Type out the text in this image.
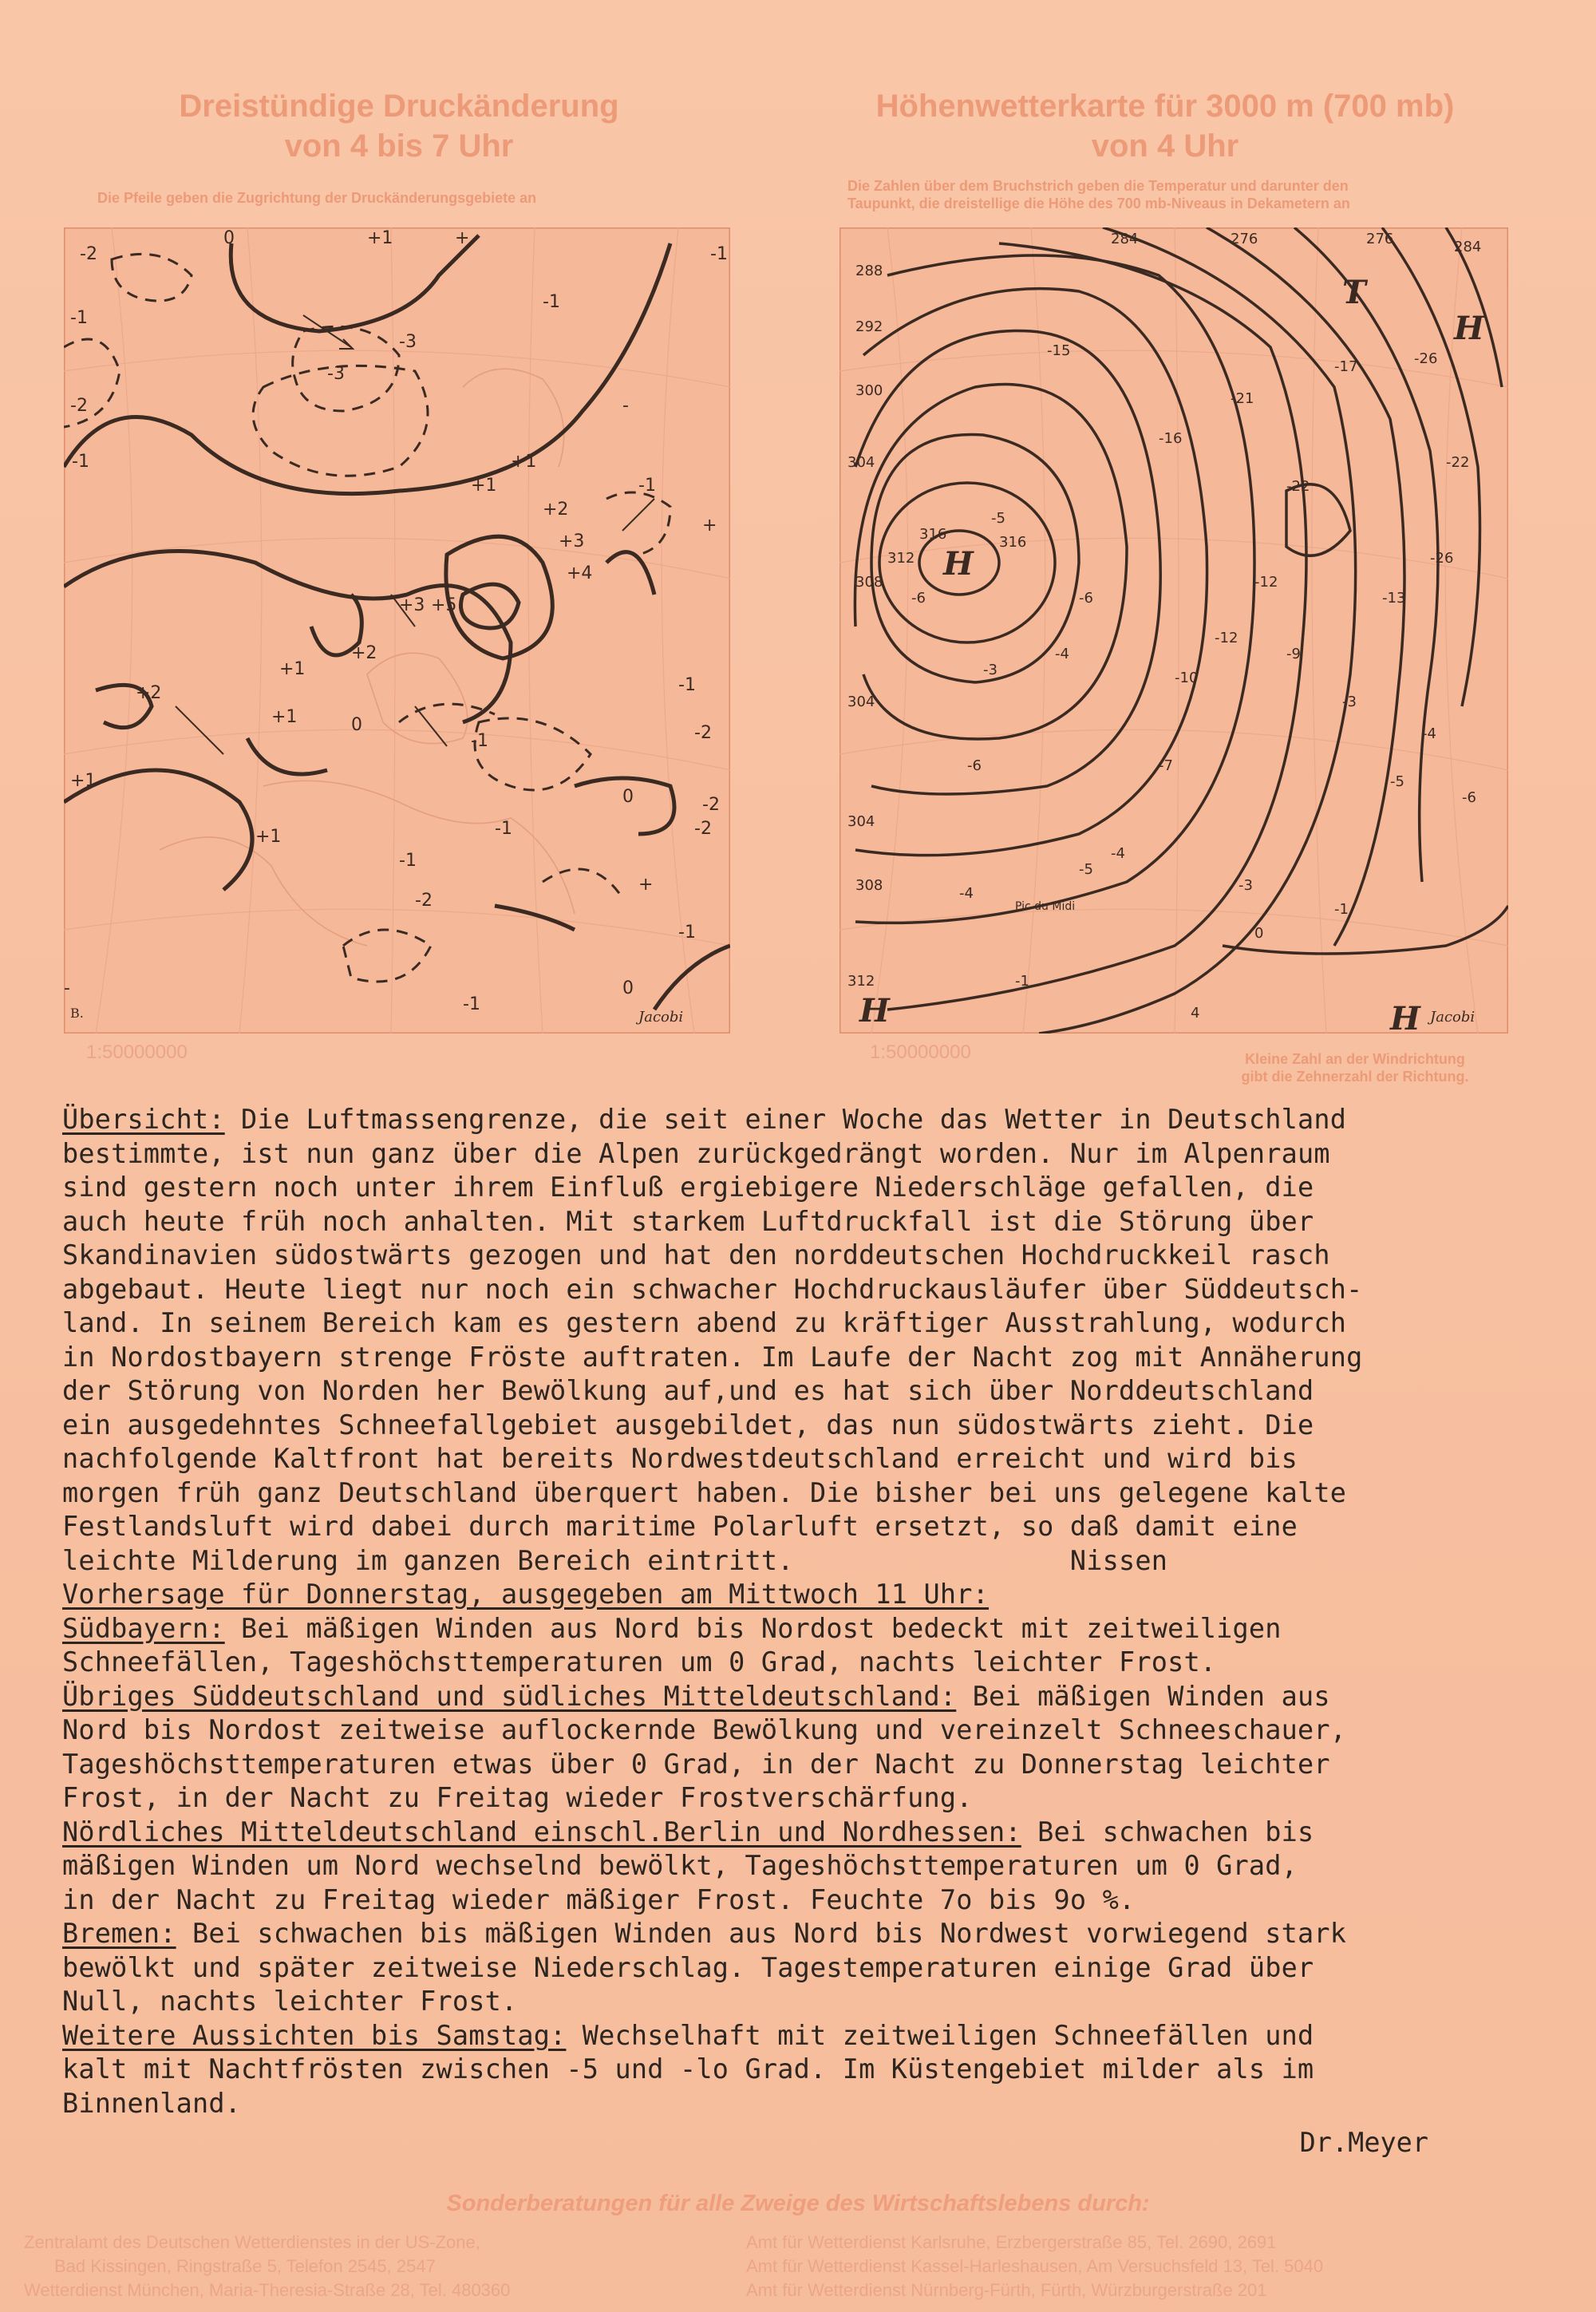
Dreistündige Druckänderung
von 4 bis 7 Uhr
Die Pfeile geben die Zugrichtung der Druckänderungsgebiete an
Höhenwetterkarte für 3000 m (700 mb)
von 4 Uhr
Die Zahlen über dem Bruchstrich geben die Temperatur und darunter den
Taupunkt, die dreistellige die Höhe des 700 mb-Niveaus in Dekametern an
-2
-1
-2
0	+1	+
-3
-3
-1
-1
-
-1
+1
+1
+2
+3
+4
+5
+3
+2
+1
+2
+1	0
-1
-1
-2
-1
0	-2
-2
+1
+1
-1
+
-2
-1
0
-1
+
-1
-
B.	Jacobi
1:50000000
H
T
H
H
H
316
312
308
304
304
308
312
288
292
300
304
284	276	276	284
-5
316
-6
-15
-16
-21
-22
-17	-26
-22
-26
-13
-12
-12
-10
-6
-4
-3
-6
-4
-5
-4	-3
0
-1
4
-1
-6
-5
-4
-3
-9
-7
Pic du Midi
Jacobi
1:50000000	Kleine Zahl an der Windrichtung
gibt die Zehnerzahl der Richtung.

Übersicht: Die Luftmassengrenze, die seit einer Woche das Wetter in Deutschland
bestimmte, ist nun ganz über die Alpen zurückgedrängt worden. Nur im Alpenraum
sind gestern noch unter ihrem Einfluß ergiebigere Niederschläge gefallen, die
auch heute früh noch anhalten. Mit starkem Luftdruckfall ist die Störung über
Skandinavien südostwärts gezogen und hat den norddeutschen Hochdruckkeil rasch
abgebaut. Heute liegt nur noch ein schwacher Hochdruckausläufer über Süddeutsch-
land. In seinem Bereich kam es gestern abend zu kräftiger Ausstrahlung, wodurch
in Nordostbayern strenge Fröste auftraten. Im Laufe der Nacht zog mit Annäherung
der Störung von Norden her Bewölkung auf,und es hat sich über Norddeutschland
ein ausgedehntes Schneefallgebiet ausgebildet, das nun südostwärts zieht. Die
nachfolgende Kaltfront hat bereits Nordwestdeutschland erreicht und wird bis
morgen früh ganz Deutschland überquert haben. Die bisher bei uns gelegene kalte
Festlandsluft wird dabei durch maritime Polarluft ersetzt, so daß damit eine
leichte Milderung im ganzen Bereich eintritt.                 Nissen

Vorhersage für Donnerstag, ausgegeben am Mittwoch 11 Uhr:

Südbayern: Bei mäßigen Winden aus Nord bis Nordost bedeckt mit zeitweiligen
Schneefällen, Tageshöchsttemperaturen um 0 Grad, nachts leichter Frost.

Übriges Süddeutschland und südliches Mitteldeutschland: Bei mäßigen Winden aus
Nord bis Nordost zeitweise auflockernde Bewölkung und vereinzelt Schneeschauer,
Tageshöchsttemperaturen etwas über 0 Grad, in der Nacht zu Donnerstag leichter
Frost, in der Nacht zu Freitag wieder Frostverschärfung.

Nördliches Mitteldeutschland einschl.Berlin und Nordhessen: Bei schwachen bis
mäßigen Winden um Nord wechselnd bewölkt, Tageshöchsttemperaturen um 0 Grad,
in der Nacht zu Freitag wieder mäßiger Frost. Feuchte 7o bis 9o %.

Bremen: Bei schwachen bis mäßigen Winden aus Nord bis Nordwest vorwiegend stark
bewölkt und später zeitweise Niederschlag. Tagestemperaturen einige Grad über
Null, nachts leichter Frost.

Weitere Aussichten bis Samstag: Wechselhaft mit zeitweiligen Schneefällen und
kalt mit Nachtfrösten zwischen -5 und -lo Grad. Im Küstengebiet milder als im
Binnenland.

Dr.Meyer
Sonderberatungen für alle Zweige des Wirtschaftslebens durch:
Zentralamt des Deutschen Wetterdienstes in der US-Zone,
Bad Kissingen, Ringstraße 5, Telefon 2545, 2547
Wetterdienst München, Maria-Theresia-Straße 28, Tel. 480360
Amt für Wetterdienst Karlsruhe, Erzbergerstraße 85, Tel. 2690, 2691
Amt für Wetterdienst Kassel-Harleshausen, Am Versuchsfeld 13, Tel. 5040
Amt für Wetterdienst Nürnberg-Fürth, Fürth, Würzburgerstraße 201
